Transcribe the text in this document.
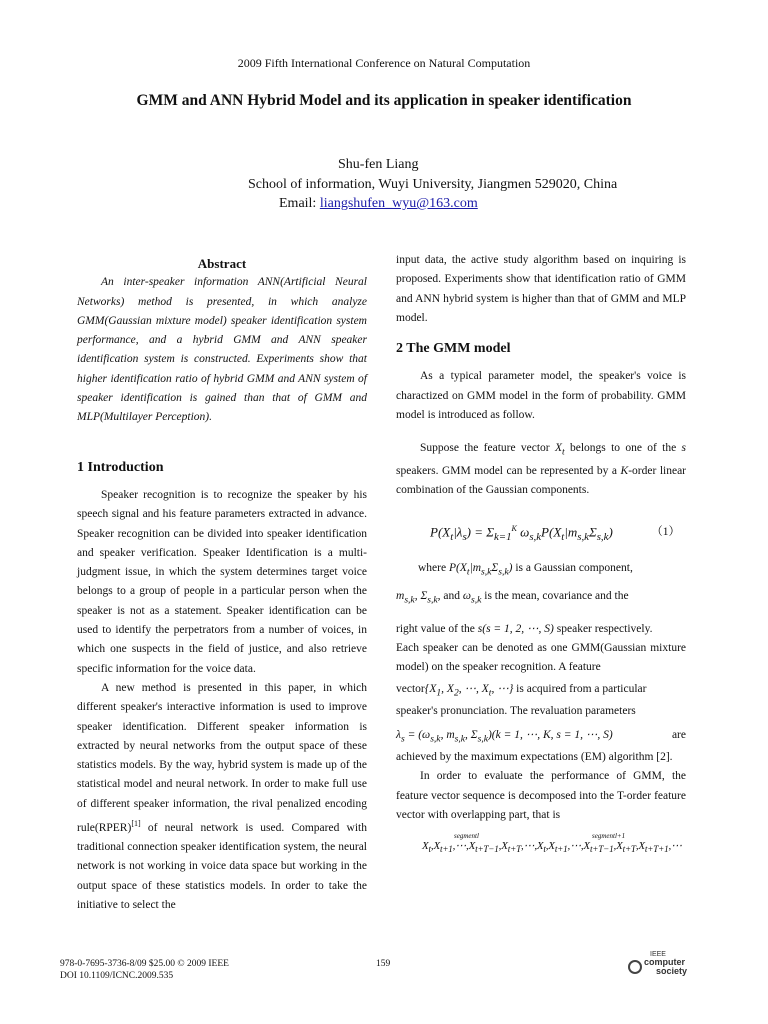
2009 Fifth International Conference on Natural Computation
GMM and ANN Hybrid Model and its application in speaker identification
Shu-fen Liang
School of information, Wuyi University, Jiangmen 529020, China
Email: liangshufen_wyu@163.com

Abstract

An inter-speaker information ANN(Artificial Neural Networks) method is presented, in which analyze GMM(Gaussian mixture model) speaker identification system performance, and a hybrid GMM and ANN speaker identification system is constructed. Experiments show that higher identification ratio of hybrid GMM and ANN system of speaker identification is gained than that of GMM and MLP(Multilayer Perception).

1 Introduction

Speaker recognition is to recognize the speaker by his speech signal and his feature parameters extracted in advance. Speaker recognition can be divided into speaker identification and speaker verification. Speaker Identification is a multi-judgment issue, in which the system determines target voice belongs to a group of people in a particular person when the speaker is not as a statement. Speaker identification can be used to identify the perpetrators from a number of voices, in which one suspects in the field of justice, and also retrieve specific information for the voice data.

A new method is presented in this paper, in which different speaker's interactive information is used to improve speaker identification. Different speaker information is extracted by neural networks from the output space of these statistics models. By the way, hybrid system is made up of the statistical model and neural network. In order to make full use of different speaker information, the rival penalized encoding rule(RPER)[1] of neural network is used. Compared with traditional connection speaker identification system, the neural network is not working in voice data space but working in the output space of these statistics models. In order to take the initiative to select the

input data, the active study algorithm based on inquiring is proposed. Experiments show that identification ratio of GMM and ANN hybrid system is higher than that of GMM and MLP model.

2 The GMM model

As a typical parameter model, the speaker's voice is charactized on GMM model in the form of probability. GMM model is introduced as follow.

Suppose the feature vector $X_t$ belongs to one of the s speakers. GMM model can be represented by a K-order linear combination of the Gaussian components.

$P(X_t|\lambda_s) = \Sigma_{k=1}^K$ $\omega_{s,k}P(X_t|m_{s,k}\Sigma_{s,k})$	（1）

where $P(X_t|m_{s,k}\Sigma_{s,k})$ is a Gaussian component,

$m_{s,k}$, $\Sigma_{s,k}$, and $\omega_{s,k}$ is the mean, covariance and the

right value of the s(s = 1, 2, ⋯, S) speaker respectively.

Each speaker can be denoted as one GMM(Gaussian mixture model) on the speaker recognition. A feature

$vector\{X_1$, $X_2$, ⋯, $X_t$, ⋯} is acquired from a particular

speaker's pronunciation. The revaluation parameters

$\lambda_s = (\omega_{s,k}$, $m_{s,k}$, $\Sigma_{s,k})(k = 1$, ⋯, K, s = 1, ⋯, S)	are

achieved by the maximum expectations (EM) algorithm [2].

In order to evaluate the performance of GMM, the feature vector sequence is decomposed into the T-order feature vector with overlapping part, that is

segmentl	segmentl+1
$X_t,X_{t+1},\cdots,X_{t+T-1},X_{t+T},\cdots,X_t,X_{t+1},\cdots,X_{t+T-1},X_{t+T},X_{t+T+1},\cdots$
978-0-7695-3736-8/09 $25.00 © 2009 IEEE
DOI 10.1109/ICNC.2009.535
159
IEEE
computer
society
